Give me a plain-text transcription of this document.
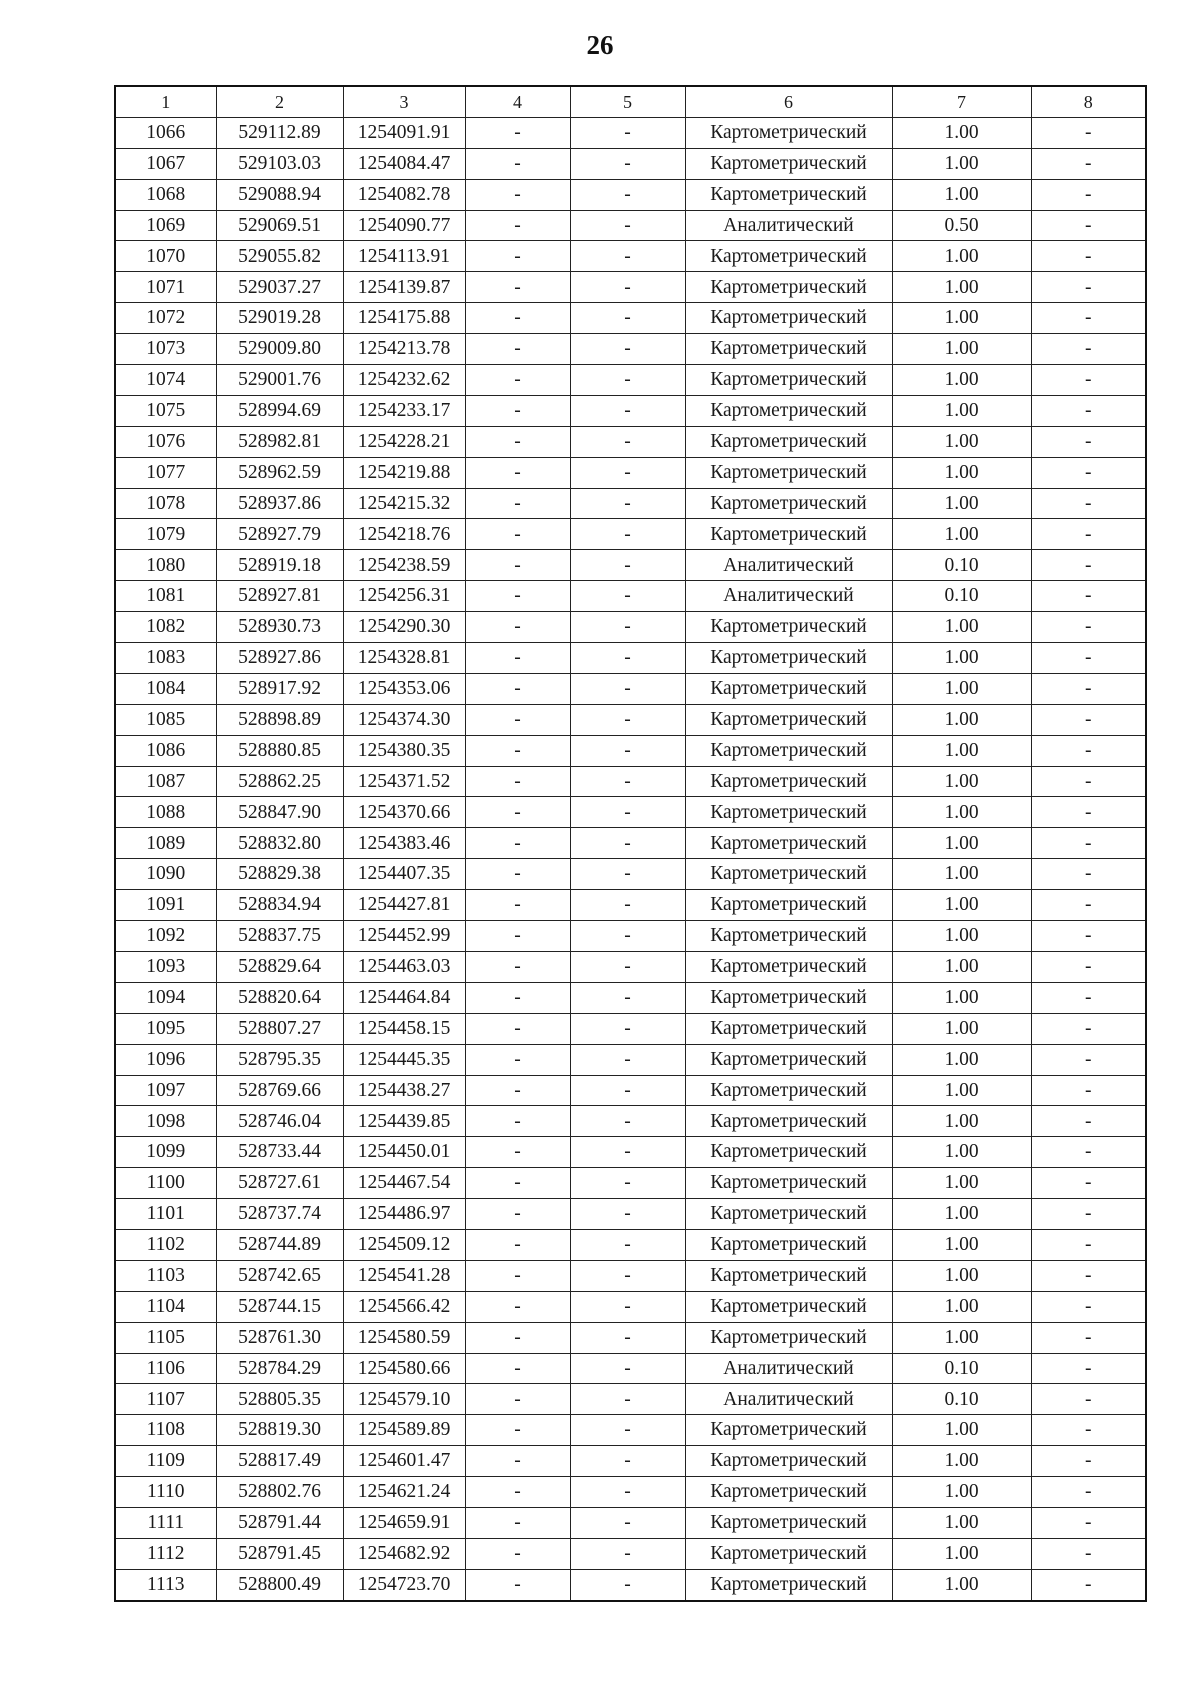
26
1	2	3	4	5	6	7	8
1066	529112.89	1254091.91	-	-	Картометрический	1.00	-
1067	529103.03	1254084.47	-	-	Картометрический	1.00	-
1068	529088.94	1254082.78	-	-	Картометрический	1.00	-
1069	529069.51	1254090.77	-	-	Аналитический	0.50	-
1070	529055.82	1254113.91	-	-	Картометрический	1.00	-
1071	529037.27	1254139.87	-	-	Картометрический	1.00	-
1072	529019.28	1254175.88	-	-	Картометрический	1.00	-
1073	529009.80	1254213.78	-	-	Картометрический	1.00	-
1074	529001.76	1254232.62	-	-	Картометрический	1.00	-
1075	528994.69	1254233.17	-	-	Картометрический	1.00	-
1076	528982.81	1254228.21	-	-	Картометрический	1.00	-
1077	528962.59	1254219.88	-	-	Картометрический	1.00	-
1078	528937.86	1254215.32	-	-	Картометрический	1.00	-
1079	528927.79	1254218.76	-	-	Картометрический	1.00	-
1080	528919.18	1254238.59	-	-	Аналитический	0.10	-
1081	528927.81	1254256.31	-	-	Аналитический	0.10	-
1082	528930.73	1254290.30	-	-	Картометрический	1.00	-
1083	528927.86	1254328.81	-	-	Картометрический	1.00	-
1084	528917.92	1254353.06	-	-	Картометрический	1.00	-
1085	528898.89	1254374.30	-	-	Картометрический	1.00	-
1086	528880.85	1254380.35	-	-	Картометрический	1.00	-
1087	528862.25	1254371.52	-	-	Картометрический	1.00	-
1088	528847.90	1254370.66	-	-	Картометрический	1.00	-
1089	528832.80	1254383.46	-	-	Картометрический	1.00	-
1090	528829.38	1254407.35	-	-	Картометрический	1.00	-
1091	528834.94	1254427.81	-	-	Картометрический	1.00	-
1092	528837.75	1254452.99	-	-	Картометрический	1.00	-
1093	528829.64	1254463.03	-	-	Картометрический	1.00	-
1094	528820.64	1254464.84	-	-	Картометрический	1.00	-
1095	528807.27	1254458.15	-	-	Картометрический	1.00	-
1096	528795.35	1254445.35	-	-	Картометрический	1.00	-
1097	528769.66	1254438.27	-	-	Картометрический	1.00	-
1098	528746.04	1254439.85	-	-	Картометрический	1.00	-
1099	528733.44	1254450.01	-	-	Картометрический	1.00	-
1100	528727.61	1254467.54	-	-	Картометрический	1.00	-
1101	528737.74	1254486.97	-	-	Картометрический	1.00	-
1102	528744.89	1254509.12	-	-	Картометрический	1.00	-
1103	528742.65	1254541.28	-	-	Картометрический	1.00	-
1104	528744.15	1254566.42	-	-	Картометрический	1.00	-
1105	528761.30	1254580.59	-	-	Картометрический	1.00	-
1106	528784.29	1254580.66	-	-	Аналитический	0.10	-
1107	528805.35	1254579.10	-	-	Аналитический	0.10	-
1108	528819.30	1254589.89	-	-	Картометрический	1.00	-
1109	528817.49	1254601.47	-	-	Картометрический	1.00	-
1110	528802.76	1254621.24	-	-	Картометрический	1.00	-
1111	528791.44	1254659.91	-	-	Картометрический	1.00	-
1112	528791.45	1254682.92	-	-	Картометрический	1.00	-
1113	528800.49	1254723.70	-	-	Картометрический	1.00	-
